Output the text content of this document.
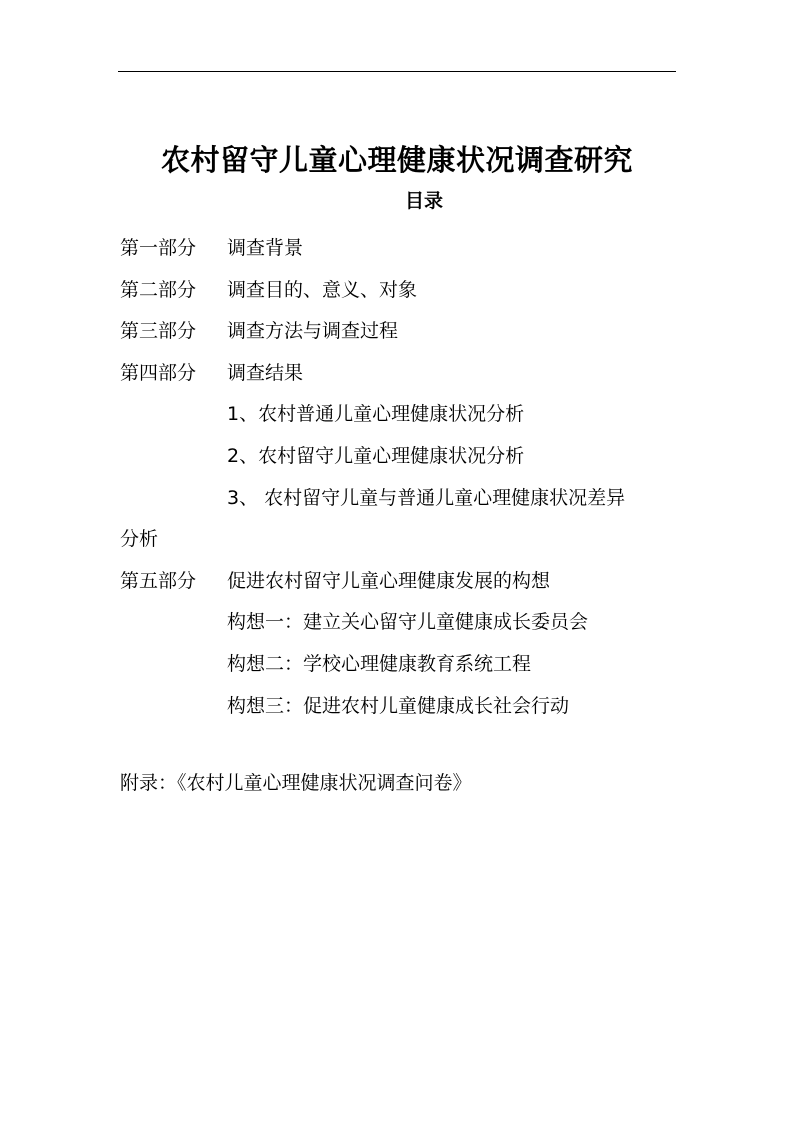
农村留守儿童心理健康状况调查研究
目录
第一部分 调查背景
第二部分 调查目的、意义、对象
第三部分 调查方法与调查过程
第四部分 调查结果
1、农村普通儿童心理健康状况分析
2、农村留守儿童心理健康状况分析
3、 农村留守儿童与普通儿童心理健康状况差异
分析
第五部分 促进农村留守儿童心理健康发展的构想
构想一：建立关心留守儿童健康成长委员会
构想二：学校心理健康教育系统工程
构想三：促进农村儿童健康成长社会行动
附录：《农村儿童心理健康状况调查问卷》
